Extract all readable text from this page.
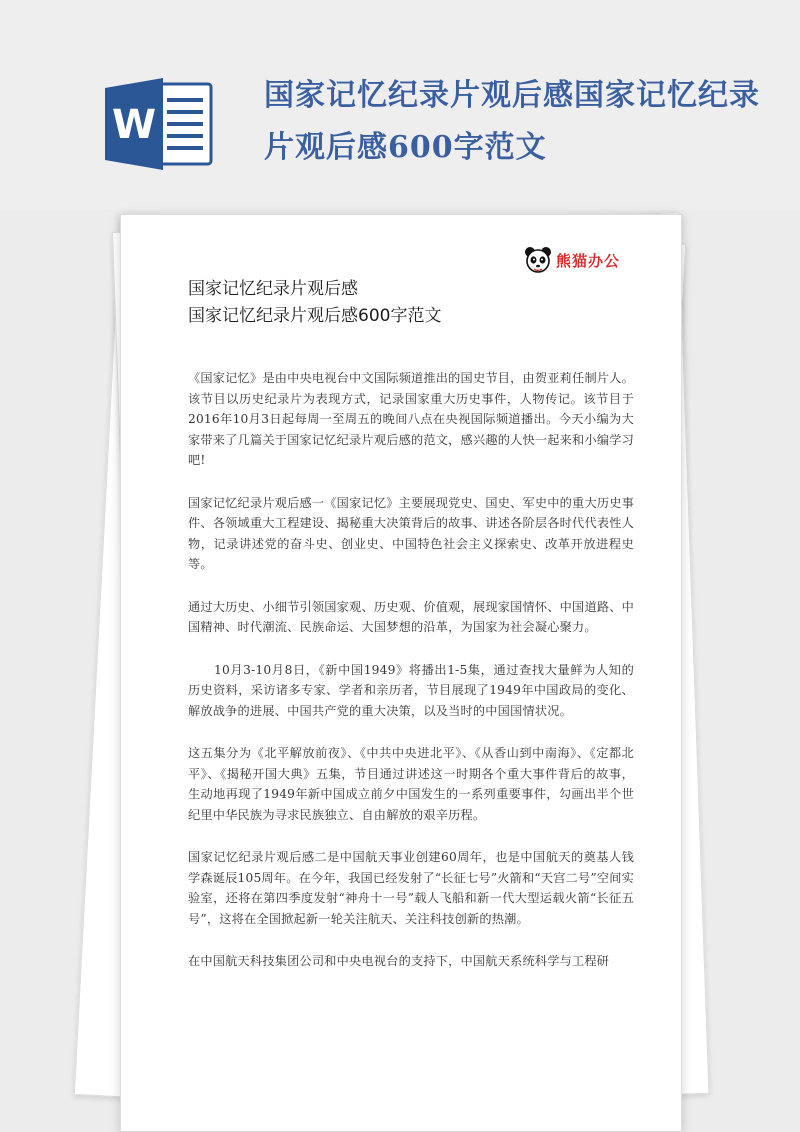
W
国家记忆纪录片观后感国家记忆纪录片观后感600字范文
熊猫办公
国家记忆纪录片观后感
国家记忆纪录片观后感600字范文

《国家记忆》是由中央电视台中文国际频道推出的国史节目，由贺亚莉任制片人。该节目以历史纪录片为表现方式，记录国家重大历史事件，人物传记。该节目于2016年10月3日起每周一至周五的晚间八点在央视国际频道播出。今天小编为大家带来了几篇关于国家记忆纪录片观后感的范文，感兴趣的人快一起来和小编学习吧!

国家记忆纪录片观后感一《国家记忆》主要展现党史、国史、军史中的重大历史事件、各领域重大工程建设、揭秘重大决策背后的故事、讲述各阶层各时代代表性人物，记录讲述党的奋斗史、创业史、中国特色社会主义探索史、改革开放进程史等。

通过大历史、小细节引领国家观、历史观、价值观，展现家国情怀、中国道路、中国精神、时代潮流、民族命运、大国梦想的沿革，为国家为社会凝心聚力。

10月3-10月8日，《新中国1949》将播出1-5集，通过查找大量鲜为人知的历史资料，采访诸多专家、学者和亲历者，节目展现了1949年中国政局的变化、解放战争的进展、中国共产党的重大决策，以及当时的中国国情状况。

这五集分为《北平解放前夜》、《中共中央进北平》、《从香山到中南海》、《定都北平》、《揭秘开国大典》五集，节目通过讲述这一时期各个重大事件背后的故事，生动地再现了1949年新中国成立前夕中国发生的一系列重要事件，勾画出半个世纪里中华民族为寻求民族独立、自由解放的艰辛历程。

国家记忆纪录片观后感二是中国航天事业创建60周年，也是中国航天的奠基人钱学森诞辰105周年。在今年，我国已经发射了“长征七号”火箭和“天宫二号”空间实验室，还将在第四季度发射“神舟十一号”载人飞船和新一代大型运载火箭“长征五号”，这将在全国掀起新一轮关注航天、关注科技创新的热潮。

在中国航天科技集团公司和中央电视台的支持下，中国航天系统科学与工程研
